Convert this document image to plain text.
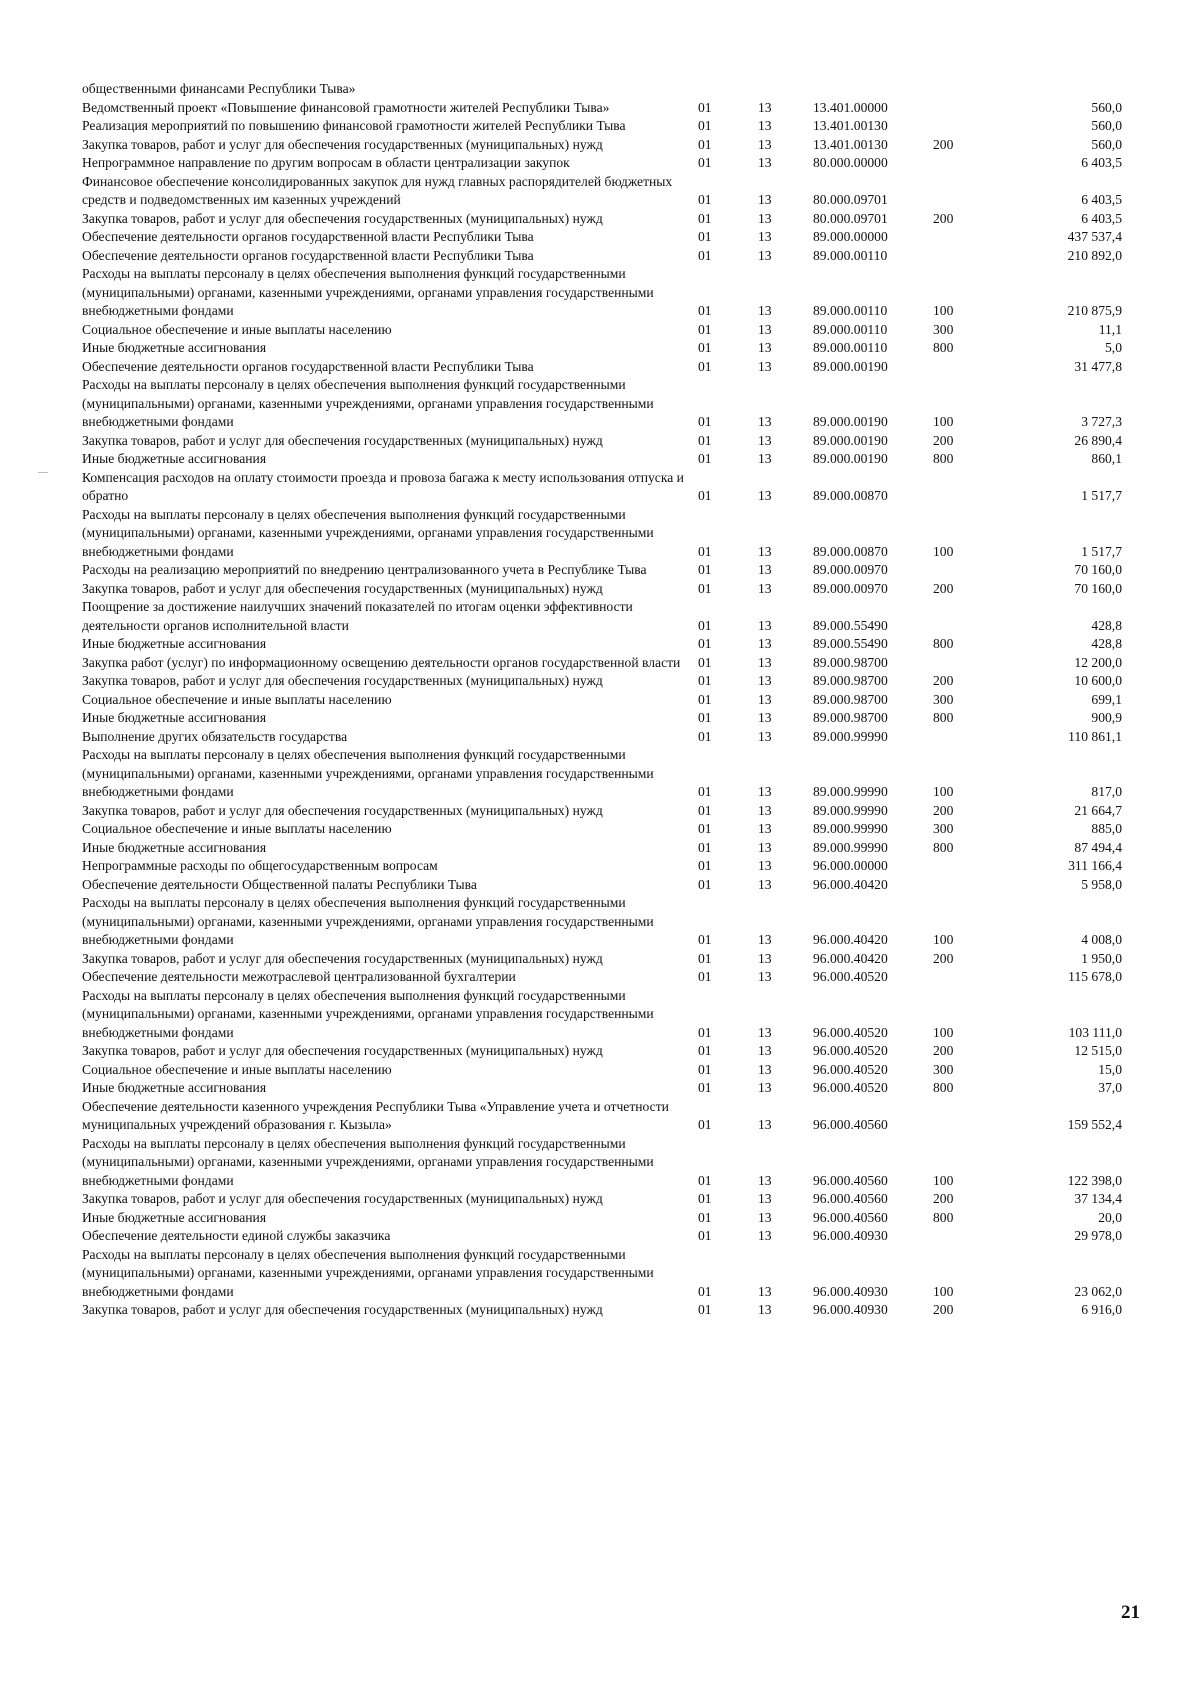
общественными финансами Республики Тыва»					
Ведомственный проект «Повышение финансовой грамотности жителей Республики Тыва»	01	13	13.401.00000		560,0
Реализация мероприятий по повышению финансовой грамотности жителей Республики Тыва	01	13	13.401.00130		560,0
Закупка товаров, работ и услуг для обеспечения государственных (муниципальных) нужд	01	13	13.401.00130	200	560,0
Непрограммное направление по другим вопросам в области централизации закупок	01	13	80.000.00000		6 403,5
Финансовое обеспечение консолидированных закупок для нужд главных распорядителей бюджетных средств и подведомственных им казенных учреждений	01	13	80.000.09701		6 403,5
Закупка товаров, работ и услуг для обеспечения государственных (муниципальных) нужд	01	13	80.000.09701	200	6 403,5
Обеспечение деятельности органов государственной власти Республики Тыва	01	13	89.000.00000		437 537,4
Обеспечение деятельности органов государственной власти Республики Тыва	01	13	89.000.00110		210 892,0
Расходы на выплаты персоналу в целях обеспечения выполнения функций государственными (муниципальными) органами, казенными учреждениями, органами управления государственными внебюджетными фондами	01	13	89.000.00110	100	210 875,9
Социальное обеспечение и иные выплаты населению	01	13	89.000.00110	300	11,1
Иные бюджетные ассигнования	01	13	89.000.00110	800	5,0
Обеспечение деятельности органов государственной власти Республики Тыва	01	13	89.000.00190		31 477,8
Расходы на выплаты персоналу в целях обеспечения выполнения функций государственными (муниципальными) органами, казенными учреждениями, органами управления государственными внебюджетными фондами	01	13	89.000.00190	100	3 727,3
Закупка товаров, работ и услуг для обеспечения государственных (муниципальных) нужд	01	13	89.000.00190	200	26 890,4
Иные бюджетные ассигнования	01	13	89.000.00190	800	860,1
Компенсация расходов на оплату стоимости проезда и провоза багажа к месту использования отпуска и обратно	01	13	89.000.00870		1 517,7
Расходы на выплаты персоналу в целях обеспечения выполнения функций государственными (муниципальными) органами, казенными учреждениями, органами управления государственными внебюджетными фондами	01	13	89.000.00870	100	1 517,7
Расходы на реализацию мероприятий по внедрению централизованного учета в Республике Тыва	01	13	89.000.00970		70 160,0
Закупка товаров, работ и услуг для обеспечения государственных (муниципальных) нужд	01	13	89.000.00970	200	70 160,0
Поощрение за достижение наилучших значений показателей по итогам оценки эффективности деятельности органов исполнительной власти	01	13	89.000.55490		428,8
Иные бюджетные ассигнования	01	13	89.000.55490	800	428,8
Закупка работ (услуг) по информационному освещению деятельности органов государственной власти	01	13	89.000.98700		12 200,0
Закупка товаров, работ и услуг для обеспечения государственных (муниципальных) нужд	01	13	89.000.98700	200	10 600,0
Социальное обеспечение и иные выплаты населению	01	13	89.000.98700	300	699,1
Иные бюджетные ассигнования	01	13	89.000.98700	800	900,9
Выполнение других обязательств государства	01	13	89.000.99990		110 861,1
Расходы на выплаты персоналу в целях обеспечения выполнения функций государственными (муниципальными) органами, казенными учреждениями, органами управления государственными внебюджетными фондами	01	13	89.000.99990	100	817,0
Закупка товаров, работ и услуг для обеспечения государственных (муниципальных) нужд	01	13	89.000.99990	200	21 664,7
Социальное обеспечение и иные выплаты населению	01	13	89.000.99990	300	885,0
Иные бюджетные ассигнования	01	13	89.000.99990	800	87 494,4
Непрограммные расходы по общегосударственным вопросам	01	13	96.000.00000		311 166,4
Обеспечение деятельности Общественной палаты Республики Тыва	01	13	96.000.40420		5 958,0
Расходы на выплаты персоналу в целях обеспечения выполнения функций государственными (муниципальными) органами, казенными учреждениями, органами управления государственными внебюджетными фондами	01	13	96.000.40420	100	4 008,0
Закупка товаров, работ и услуг для обеспечения государственных (муниципальных) нужд	01	13	96.000.40420	200	1 950,0
Обеспечение деятельности межотраслевой централизованной бухгалтерии	01	13	96.000.40520		115 678,0
Расходы на выплаты персоналу в целях обеспечения выполнения функций государственными (муниципальными) органами, казенными учреждениями, органами управления государственными внебюджетными фондами	01	13	96.000.40520	100	103 111,0
Закупка товаров, работ и услуг для обеспечения государственных (муниципальных) нужд	01	13	96.000.40520	200	12 515,0
Социальное обеспечение и иные выплаты населению	01	13	96.000.40520	300	15,0
Иные бюджетные ассигнования	01	13	96.000.40520	800	37,0
Обеспечение деятельности казенного учреждения Республики Тыва «Управление учета и отчетности муниципальных учреждений образования г. Кызыла»	01	13	96.000.40560		159 552,4
Расходы на выплаты персоналу в целях обеспечения выполнения функций государственными (муниципальными) органами, казенными учреждениями, органами управления государственными внебюджетными фондами	01	13	96.000.40560	100	122 398,0
Закупка товаров, работ и услуг для обеспечения государственных (муниципальных) нужд	01	13	96.000.40560	200	37 134,4
Иные бюджетные ассигнования	01	13	96.000.40560	800	20,0
Обеспечение деятельности единой службы заказчика	01	13	96.000.40930		29 978,0
Расходы на выплаты персоналу в целях обеспечения выполнения функций государственными (муниципальными) органами, казенными учреждениями, органами управления государственными внебюджетными фондами	01	13	96.000.40930	100	23 062,0
Закупка товаров, работ и услуг для обеспечения государственных (муниципальных) нужд	01	13	96.000.40930	200	6 916,0
21
